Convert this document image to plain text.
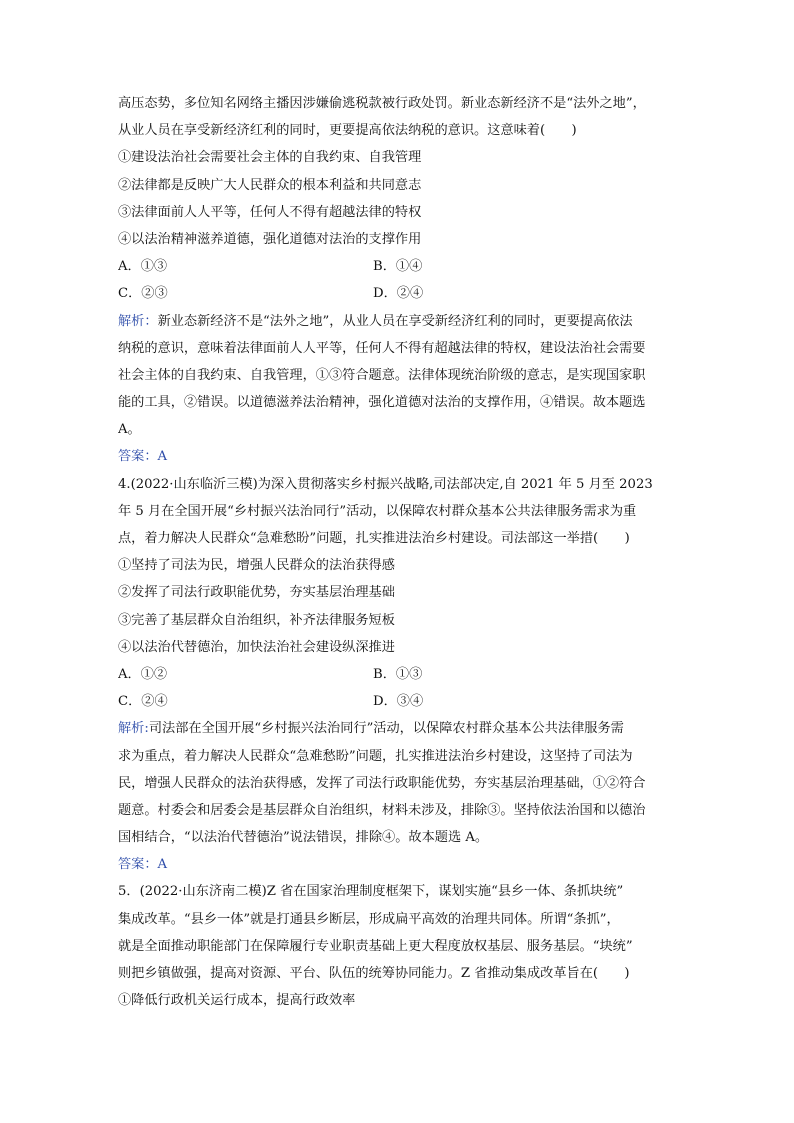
高压态势，多位知名网络主播因涉嫌偷逃税款被行政处罚。新业态新经济不是“法外之地”，
从业人员在享受新经济红利的同时，更要提高依法纳税的意识。这意味着(　　)
①建设法治社会需要社会主体的自我约束、自我管理
②法律都是反映广大人民群众的根本利益和共同意志
③法律面前人人平等，任何人不得有超越法律的特权
④以法治精神滋养道德，强化道德对法治的支撑作用
A．①③	B．①④
C．②③	D．②④
解析：新业态新经济不是“法外之地”，从业人员在享受新经济红利的同时，更要提高依法
纳税的意识，意味着法律面前人人平等，任何人不得有超越法律的特权，建设法治社会需要
社会主体的自我约束、自我管理，①③符合题意。法律体现统治阶级的意志，是实现国家职
能的工具，②错误。以道德滋养法治精神，强化道德对法治的支撑作用，④错误。故本题选
A。
答案：A
4.(2022·山东临沂三模)为深入贯彻落实乡村振兴战略,司法部决定,自 2021 年 5 月至 2023
年 5 月在全国开展“乡村振兴法治同行”活动，以保障农村群众基本公共法律服务需求为重
点，着力解决人民群众“急难愁盼”问题，扎实推进法治乡村建设。司法部这一举措(　　)
①坚持了司法为民，增强人民群众的法治获得感
②发挥了司法行政职能优势，夯实基层治理基础
③完善了基层群众自治组织，补齐法律服务短板
④以法治代替德治，加快法治社会建设纵深推进
A．①②	B．①③
C．②④	D．③④
解析:司法部在全国开展“乡村振兴法治同行”活动，以保障农村群众基本公共法律服务需
求为重点，着力解决人民群众“急难愁盼”问题，扎实推进法治乡村建设，这坚持了司法为
民，增强人民群众的法治获得感，发挥了司法行政职能优势，夯实基层治理基础，①②符合
题意。村委会和居委会是基层群众自治组织，材料未涉及，排除③。坚持依法治国和以德治
国相结合，“以法治代替德治”说法错误，排除④。故本题选 A。
答案：A
5．(2022·山东济南二模)Z 省在国家治理制度框架下，谋划实施“县乡一体、条抓块统”
集成改革。“县乡一体”就是打通县乡断层，形成扁平高效的治理共同体。所谓“条抓”，
就是全面推动职能部门在保障履行专业职责基础上更大程度放权基层、服务基层。“块统”
则把乡镇做强，提高对资源、平台、队伍的统筹协同能力。Z 省推动集成改革旨在(　　)
①降低行政机关运行成本，提高行政效率
